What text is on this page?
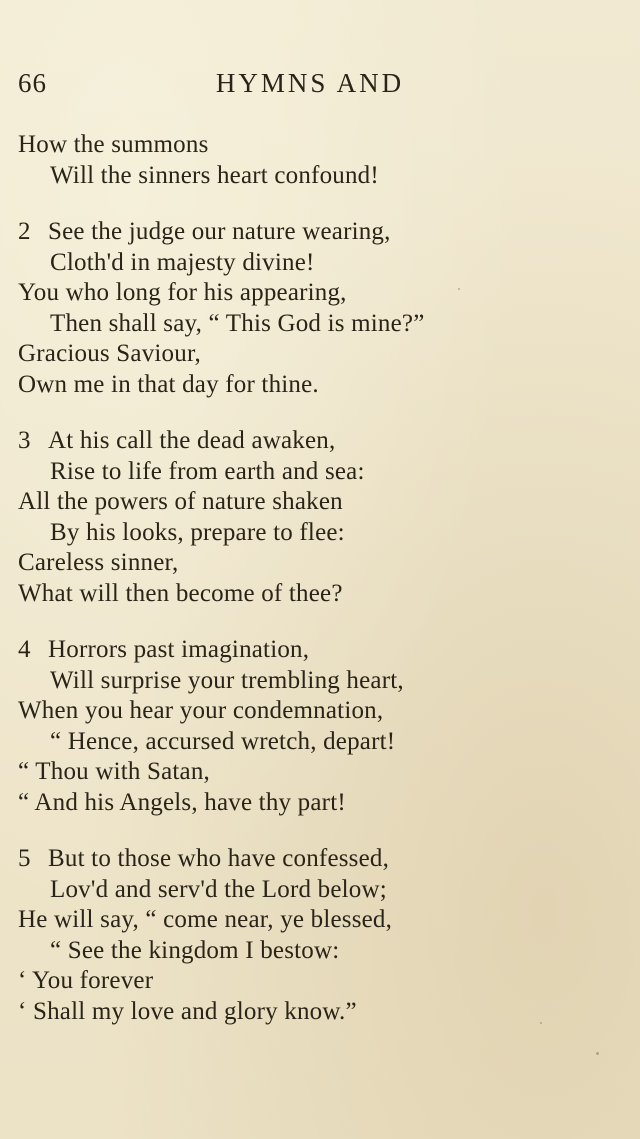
66	HYMNS AND
How the summons
Will the sinners heart confound!
2 See the judge our nature wearing,
Cloth'd in majesty divine!
You who long for his appearing,
Then shall say, “ This God is mine?”
Gracious Saviour,
Own me in that day for thine.
3 At his call the dead awaken,
Rise to life from earth and sea:
All the powers of nature shaken
By his looks, prepare to flee:
Careless sinner,
What will then become of thee?
4 Horrors past imagination,
Will surprise your trembling heart,
When you hear your condemnation,
“ Hence, accursed wretch, depart!
“ Thou with Satan,
“ And his Angels, have thy part!
5 But to those who have confessed,
Lov'd and serv'd the Lord below;
He will say, “ come near, ye blessed,
“ See the kingdom I bestow:
‘ You forever
‘ Shall my love and glory know.”
